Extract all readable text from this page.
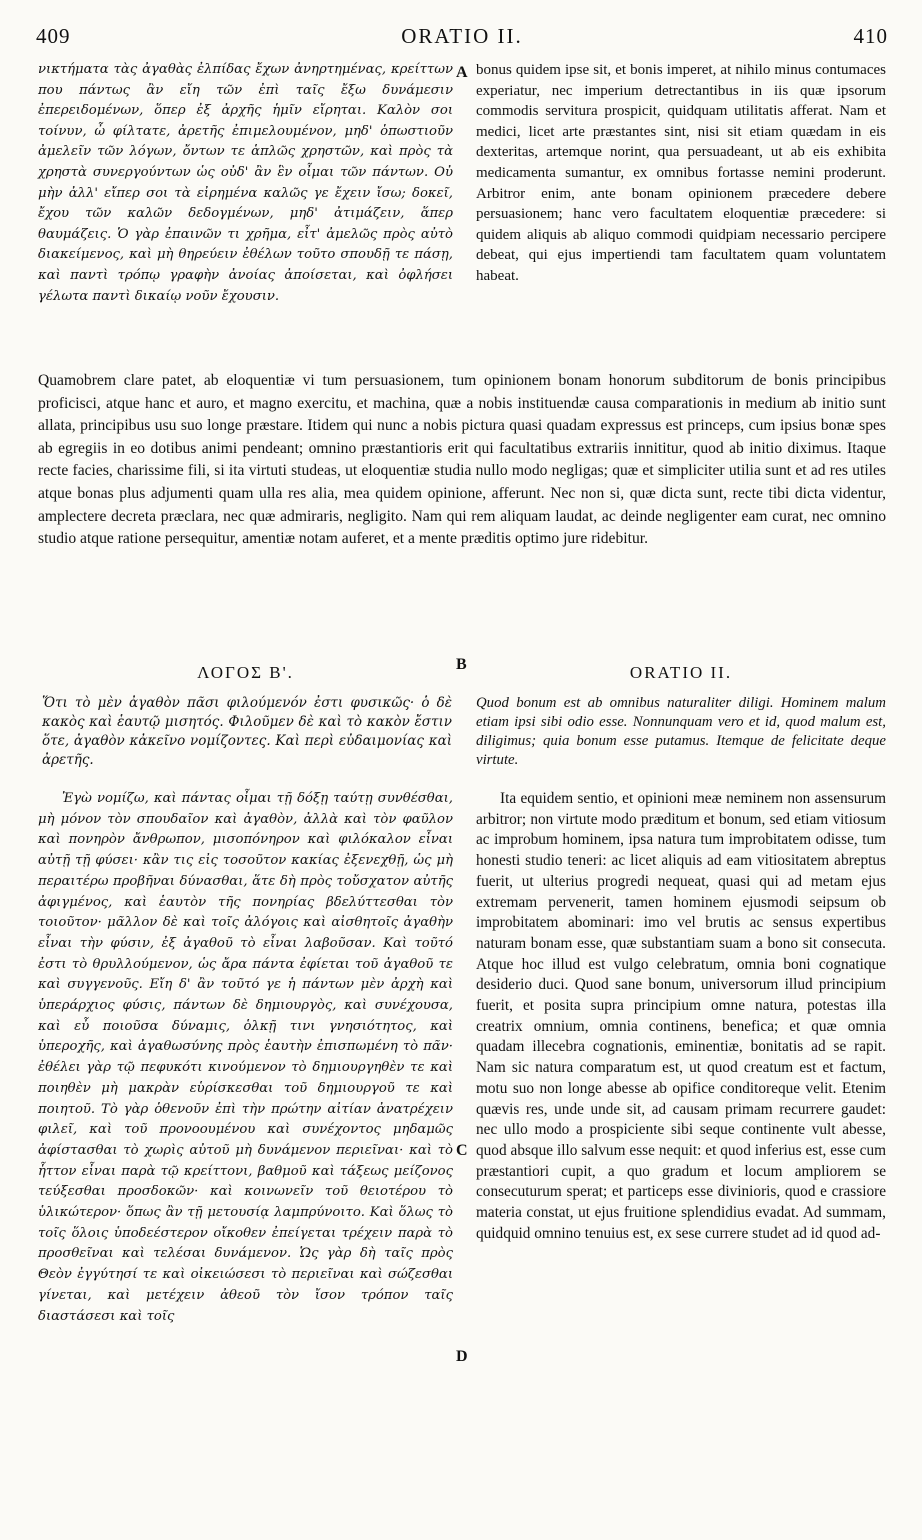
409	ORATIO II.	410

νικτήματα τὰς ἀγαθὰς ἐλπίδας ἔχων ἀνηρτημένας, κρείττων που πάντως ἂν εἴη τῶν ἐπὶ ταῖς ἔξω δυνάμεσιν ἐπερειδομένων, ὅπερ ἐξ ἀρχῆς ἡμῖν εἴρηται. Καλὸν σοι τοίνυν, ὦ φίλτατε, ἀρετῆς ἐπιμελουμένον, μηδ' ὁπωστιοῦν ἀμελεῖν τῶν λόγων, ὄντων τε ἁπλῶς χρηστῶν, καὶ πρὸς τὰ χρηστὰ συνεργούντων ὡς οὐδ' ἂν ἓν οἶμαι τῶν πάντων. Οὐ μὴν ἀλλ' εἴπερ σοι τὰ εἰρημένα καλῶς γε ἔχειν ἴσω; δοκεῖ, ἔχου τῶν καλῶν δεδογμένων, μηδ' ἀτιμάζειν, ἅπερ θαυμάζεις. Ὁ γὰρ ἐπαινῶν τι χρῆμα, εἶτ' ἀμελῶς πρὸς αὐτὸ διακείμενος, καὶ μὴ θηρεύειν ἐθέλων τοῦτο σπουδῇ τε πάσῃ, καὶ παντὶ τρόπῳ γραφὴν ἀνοίας ἀποίσεται, καὶ ὀφλήσει γέλωτα παντὶ δικαίῳ νοῦν ἔχουσιν.

A bonus quidem ipse sit, et bonis imperet, at nihilo minus contumaces experiatur, nec imperium detrectantibus in iis quæ ipsorum commodis servitura prospicit, quidquam utilitatis afferat. Nam et medici, licet arte præstantes sint, nisi sit etiam quædam in eis dexteritas, artemque norint, qua persuadeant, ut ab eis exhibita medicamenta sumantur, ex omnibus fortasse nemini proderunt. Arbitror enim, ante bonam opinionem præcedere debere persuasionem; hanc vero facultatem eloquentiæ præcedere: si quidem aliquis ab aliquo commodi quidpiam necessario percipere debeat, qui ejus impertiendi tam facultatem quam voluntatem habeat.

Quamobrem clare patet, ab eloquentiæ vi tum persuasionem, tum opinionem bonam honorum subditorum de bonis principibus proficisci, atque hanc et auro, et magno exercitu, et machina, quæ a nobis instituendæ causa comparationis in medium ab initio sunt allata, principibus usu suo longe præstare. Itidem qui nunc a nobis pictura quasi quadam expressus est princeps, cum ipsius bonæ spes ab egregiis in eo dotibus animi pendeant; omnino præstantioris erit qui facultatibus extrariis innititur, quod ab initio diximus. Itaque recte facies, charissime fili, si ita virtuti studeas, ut eloquentiæ studia nullo modo negligas; quæ et simpliciter utilia sunt et ad res utiles atque bonas plus adjumenti quam ulla res alia, mea quidem opinione, afferunt. Nec non si, quæ dicta sunt, recte tibi dicta videntur, amplectere decreta præclara, nec quæ admiraris, negligito. Nam qui rem aliquam laudat, ac deinde negligenter eam curat, nec omnino studio atque ratione persequitur, amentiæ notam auferet, et a mente præditis optimo jure ridebitur.

ΛΟΓΟΣ Β'.	B	ORATIO II.
Ὅτι τὸ μὲν ἀγαθὸν πᾶσι φιλούμενόν ἐστι φυσικῶς· ὁ δὲ κακὸς καὶ ἑαυτῷ μισητός. Φιλοῦμεν δὲ καὶ τὸ κακὸν ἔστιν ὅτε, ἀγαθὸν κἀκεῖνο νομίζοντες. Καὶ περὶ εὐδαιμονίας καὶ ἀρετῆς.
Quod bonum est ab omnibus naturaliter diligi. Hominem malum etiam ipsi sibi odio esse. Nonnunquam vero et id, quod malum est, diligimus; quia bonum esse putamus. Itemque de felicitate deque virtute.

Ἐγὼ νομίζω, καὶ πάντας οἶμαι τῇ δόξῃ ταύτῃ συνθέσθαι, μὴ μόνον τὸν σπουδαῖον καὶ ἀγαθὸν, ἀλλὰ καὶ τὸν φαῦλον καὶ πονηρὸν ἄνθρωπον, μισοπόνηρον καὶ φιλόκαλον εἶναι αὐτῇ τῇ φύσει· κἂν τις εἰς τοσοῦτον κακίας ἐξενεχθῇ, ὡς μὴ περαιτέρω προβῆναι δύνασθαι, ἅτε δὴ πρὸς τοὔσχατον αὐτῆς ἀφιγμένος, καὶ ἑαυτὸν τῆς πονηρίας βδελύττεσθαι τὸν τοιοῦτον· μᾶλλον δὲ καὶ τοῖς ἀλόγοις καὶ αἰσθητοῖς ἀγαθὴν εἶναι τὴν φύσιν, ἐξ ἀγαθοῦ τὸ εἶναι λαβοῦσαν. Καὶ τοῦτό ἐστι τὸ θρυλλούμενον, ὡς ἄρα πάντα ἐφίεται τοῦ ἀγαθοῦ τε καὶ συγγενοῦς. Εἴη δ' ἂν τοῦτό γε ἡ πάντων μὲν ἀρχὴ καὶ ὑπεράρχιος φύσις, πάντων δὲ δημιουργὸς, καὶ συνέχουσα, καὶ εὖ ποιοῦσα δύναμις, ὁλκῇ τινι γνησιότητος, καὶ ὑπεροχῆς, καὶ ἀγαθωσύνης πρὸς ἑαυτὴν ἐπισπωμένη τὸ πᾶν· ἐθέλει γὰρ τῷ πεφυκότι κινούμενον τὸ δημιουργηθὲν τε καὶ ποιηθὲν μὴ μακρὰν εὑρίσκεσθαι τοῦ δημιουργοῦ τε καὶ ποιητοῦ. Τὸ γὰρ ὁθενοῦν ἐπὶ τὴν πρώτην αἰτίαν ἀνατρέχειν φιλεῖ, καὶ τοῦ προνοουμένου καὶ συνέχοντος μηδαμῶς ἀφίστασθαι τὸ χωρὶς αὐτοῦ μὴ δυνάμενον περιεῖναι· καὶ τὸ ἧττον εἶναι παρὰ τῷ κρείττονι, βαθμοῦ καὶ τάξεως μείζονος τεύξεσθαι προσδοκῶν· καὶ κοινωνεῖν τοῦ θειοτέρου τὸ ὑλικώτερον· ὅπως ἂν τῇ μετουσίᾳ λαμπρύνοιτο. Καὶ ὅλως τὸ τοῖς ὅλοις ὑποδεέστερον οἴκοθεν ἐπείγεται τρέχειν παρὰ τὸ προσθεῖναι καὶ τελέσαι δυνάμενον. Ὡς γὰρ δὴ ταῖς πρὸς Θεὸν ἐγγύτησί τε καὶ οἰκειώσεσι τὸ περιεῖναι καὶ σώζεσθαι γίνεται, καὶ μετέχειν ἀθεοῦ τὸν ἴσον τρόπον ταῖς διαστάσεσι καὶ τοῖς

C
D

Ita equidem sentio, et opinioni meæ neminem non assensurum arbitror; non virtute modo præditum et bonum, sed etiam vitiosum ac improbum hominem, ipsa natura tum improbitatem odisse, tum honesti studio teneri: ac licet aliquis ad eam vitiositatem abreptus fuerit, ut ulterius progredi nequeat, quasi qui ad metam ejus extremam pervenerit, tamen hominem ejusmodi seipsum ob improbitatem abominari: imo vel brutis ac sensus expertibus naturam bonam esse, quæ substantiam suam a bono sit consecuta. Atque hoc illud est vulgo celebratum, omnia boni cognatique desiderio duci. Quod sane bonum, universorum illud principium fuerit, et posita supra principium omne natura, potestas illa creatrix omnium, omnia continens, benefica; et quæ omnia quadam illecebra cognationis, eminentiæ, bonitatis ad se rapit. Nam sic natura comparatum est, ut quod creatum est et factum, motu suo non longe abesse ab opifice conditoreque velit. Etenim quævis res, unde unde sit, ad causam primam recurrere gaudet: nec ullo modo a prospiciente sibi seque continente vult abesse, quod absque illo salvum esse nequit: et quod inferius est, esse cum præstantiori cupit, a quo gradum et locum ampliorem se consecuturum sperat; et particeps esse divinioris, quod e crassiore materia constat, ut ejus fruitione splendidius evadat. Ad summam, quidquid omnino tenuius est, ex sese currere studet ad id quod ad-
